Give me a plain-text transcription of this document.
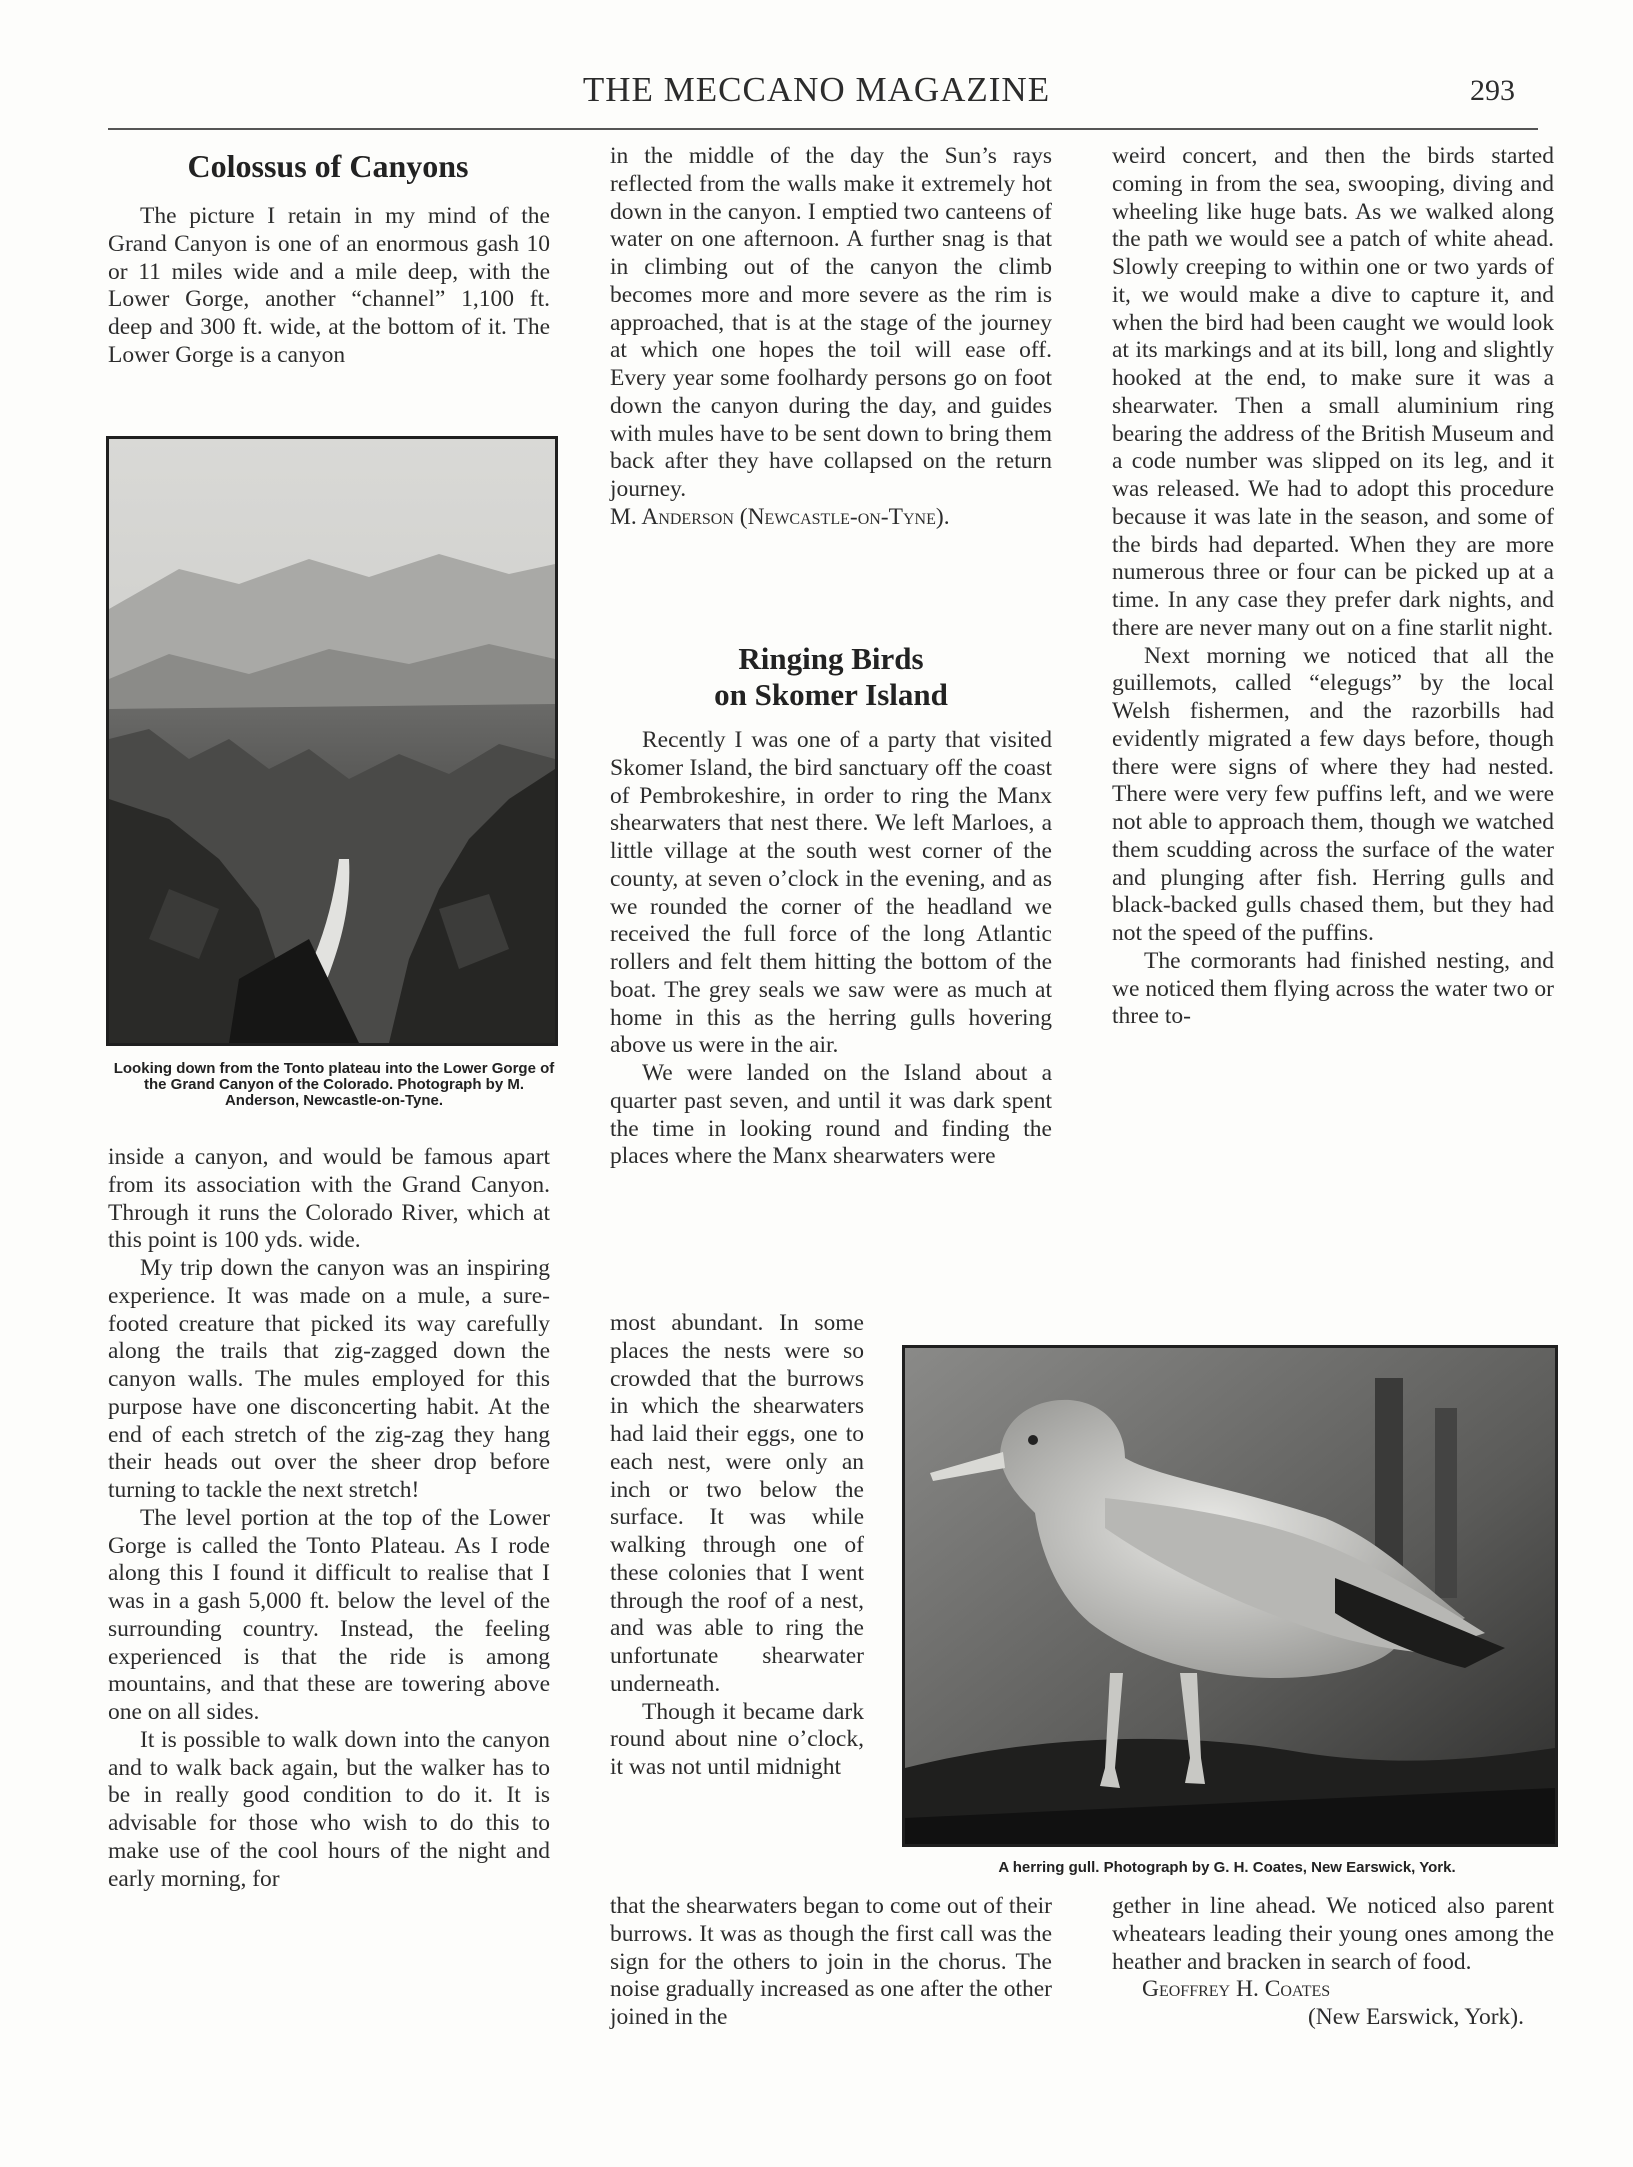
THE MECCANO MAGAZINE	293
Colossus of Canyons

The picture I retain in my mind of the Grand Canyon is one of an enormous gash 10 or 11 miles wide and a mile deep, with the Lower Gorge, another “channel” 1,100 ft. deep and 300 ft. wide, at the bottom of it. The Lower Gorge is a canyon

Looking down from the Tonto plateau into the Lower Gorge of the Grand Canyon of the Colorado. Photograph by M. Anderson, Newcastle-on-Tyne.

inside a canyon, and would be famous apart from its association with the Grand Canyon. Through it runs the Colorado River, which at this point is 100 yds. wide.

My trip down the canyon was an inspiring experience. It was made on a mule, a sure-footed creature that picked its way carefully along the trails that zig-zagged down the canyon walls. The mules employed for this purpose have one disconcerting habit. At the end of each stretch of the zig-zag they hang their heads out over the sheer drop before turning to tackle the next stretch!

The level portion at the top of the Lower Gorge is called the Tonto Plateau. As I rode along this I found it difficult to realise that I was in a gash 5,000 ft. below the level of the surrounding country. Instead, the feeling experienced is that the ride is among mountains, and that these are towering above one on all sides.

It is possible to walk down into the canyon and to walk back again, but the walker has to be in really good condition to do it. It is advisable for those who wish to do this to make use of the cool hours of the night and early morning, for

in the middle of the day the Sun’s rays reflected from the walls make it extremely hot down in the canyon. I emptied two canteens of water on one afternoon. A further snag is that in climbing out of the canyon the climb becomes more and more severe as the rim is approached, that is at the stage of the journey at which one hopes the toil will ease off. Every year some foolhardy persons go on foot down the canyon during the day, and guides with mules have to be sent down to bring them back after they have collapsed on the return journey.

M. Anderson (Newcastle-on-Tyne).

Ringing Birds
on Skomer Island

Recently I was one of a party that visited Skomer Island, the bird sanctuary off the coast of Pembrokeshire, in order to ring the Manx shearwaters that nest there. We left Marloes, a little village at the south west corner of the county, at seven o’clock in the evening, and as we rounded the corner of the headland we received the full force of the long Atlantic rollers and felt them hitting the bottom of the boat. The grey seals we saw were as much at home in this as the herring gulls hovering above us were in the air.

We were landed on the Island about a quarter past seven, and until it was dark spent the time in looking round and finding the places where the Manx shearwaters were

most abundant. In some places the nests were so crowded that the burrows in which the shearwaters had laid their eggs, one to each nest, were only an inch or two below the surface. It was while walking through one of these colonies that I went through the roof of a nest, and was able to ring the unfortunate shearwater underneath.

Though it became dark round about nine o’clock, it was not until midnight

that the shearwaters began to come out of their burrows. It was as though the first call was the sign for the others to join in the chorus. The noise gradually increased as one after the other joined in the

weird concert, and then the birds started coming in from the sea, swooping, diving and wheeling like huge bats. As we walked along the path we would see a patch of white ahead. Slowly creeping to within one or two yards of it, we would make a dive to capture it, and when the bird had been caught we would look at its markings and at its bill, long and slightly hooked at the end, to make sure it was a shearwater. Then a small aluminium ring bearing the address of the British Museum and a code number was slipped on its leg, and it was released. We had to adopt this procedure because it was late in the season, and some of the birds had departed. When they are more numerous three or four can be picked up at a time. In any case they prefer dark nights, and there are never many out on a fine starlit night.

Next morning we noticed that all the guillemots, called “elegugs” by the local Welsh fishermen, and the razorbills had evidently migrated a few days before, though there were signs of where they had nested. There were very few puffins left, and we were not able to approach them, though we watched them scudding across the surface of the water and plunging after fish. Herring gulls and black-backed gulls chased them, but they had not the speed of the puffins.

The cormorants had finished nesting, and we noticed them flying across the water two or three to-

A herring gull. Photograph by G. H. Coates, New Earswick, York.

gether in line ahead. We noticed also parent wheatears leading their young ones among the heather and bracken in search of food.

Geoffrey H. Coates

(New Earswick, York).
